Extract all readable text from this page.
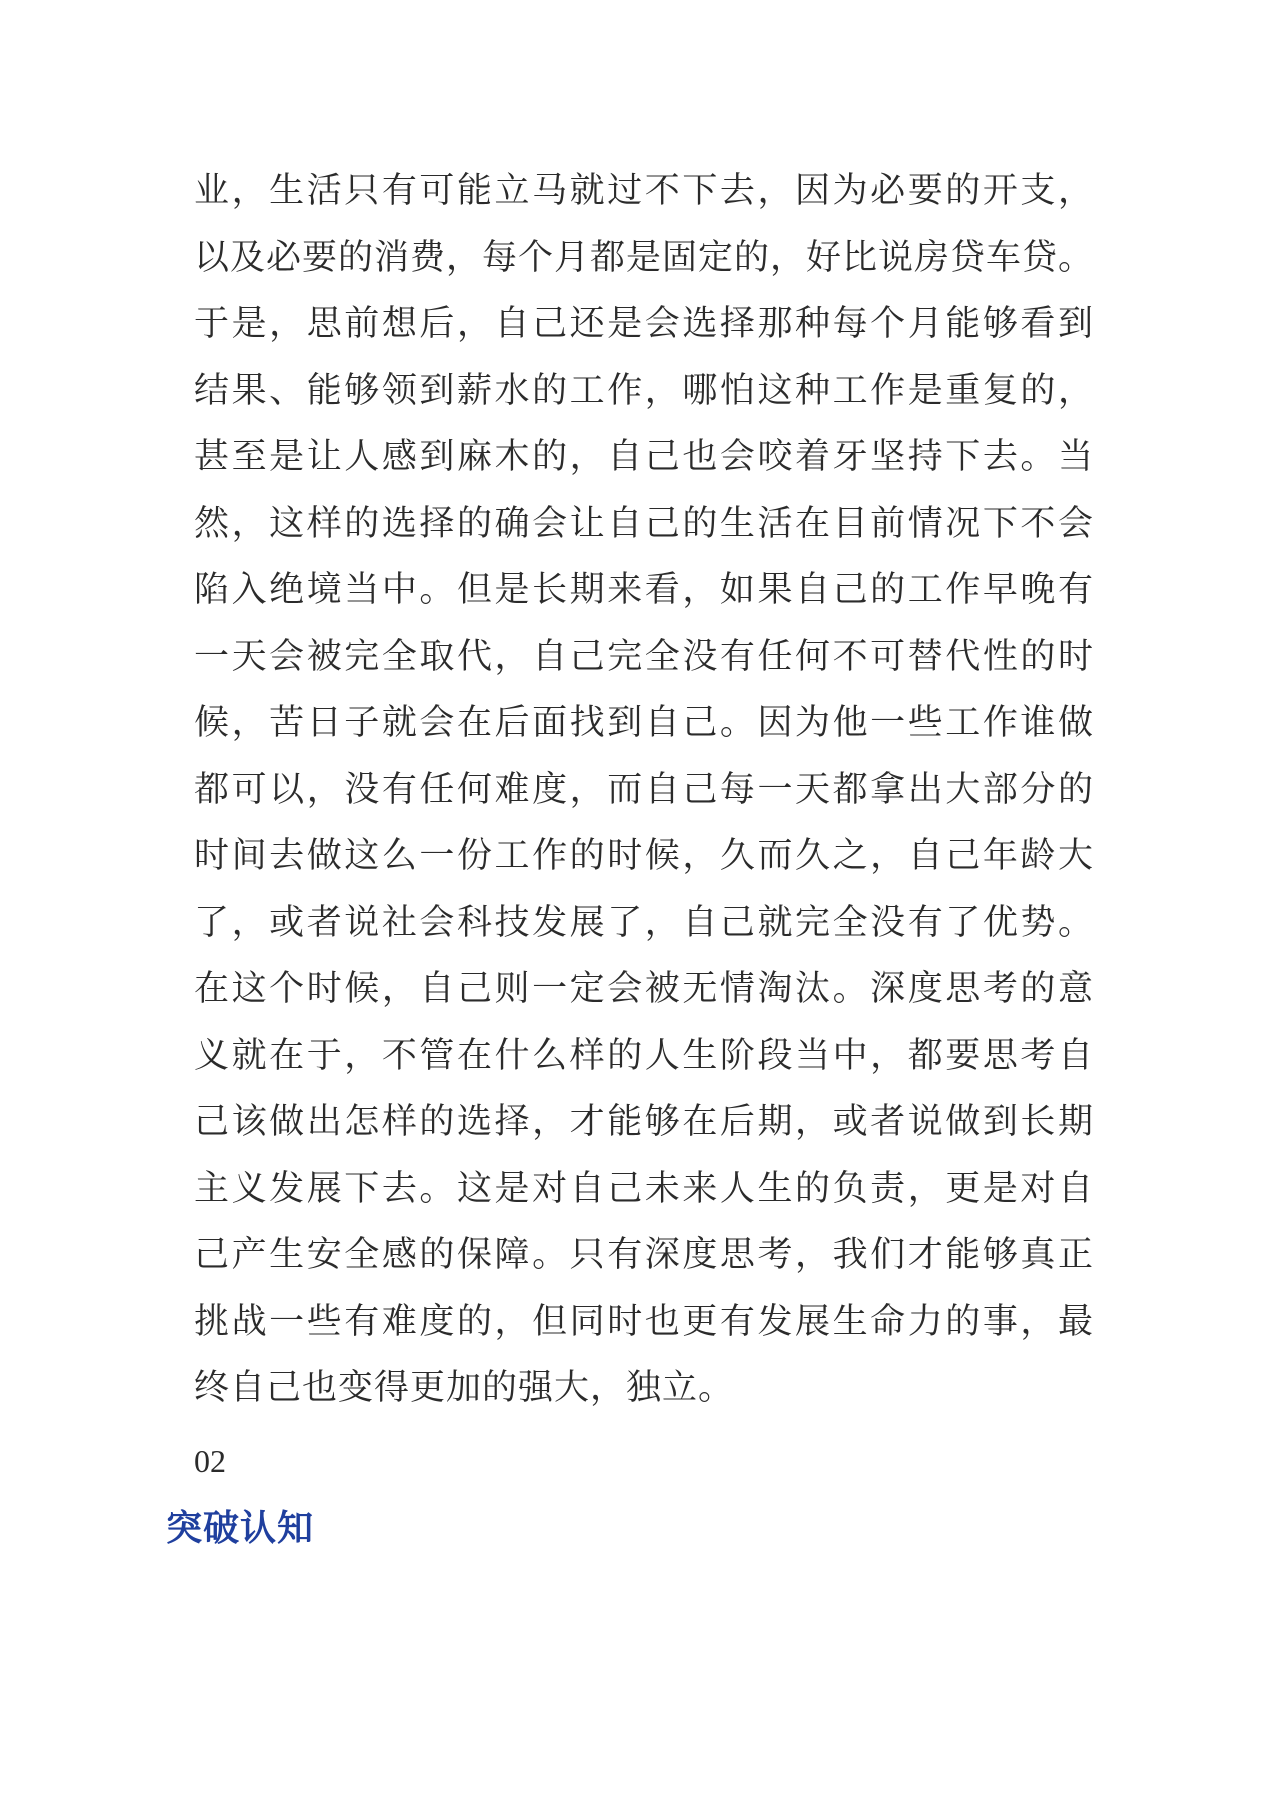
业，生活只有可能立马就过不下去，因为必要的开支，
以及必要的消费，每个月都是固定的，好比说房贷车贷。
于是，思前想后，自己还是会选择那种每个月能够看到
结果、能够领到薪水的工作，哪怕这种工作是重复的，
甚至是让人感到麻木的，自己也会咬着牙坚持下去。当
然，这样的选择的确会让自己的生活在目前情况下不会
陷入绝境当中。但是长期来看，如果自己的工作早晚有
一天会被完全取代，自己完全没有任何不可替代性的时
候，苦日子就会在后面找到自己。因为他一些工作谁做
都可以，没有任何难度，而自己每一天都拿出大部分的
时间去做这么一份工作的时候，久而久之，自己年龄大
了，或者说社会科技发展了，自己就完全没有了优势。
在这个时候，自己则一定会被无情淘汰。深度思考的意
义就在于，不管在什么样的人生阶段当中，都要思考自
己该做出怎样的选择，才能够在后期，或者说做到长期
主义发展下去。这是对自己未来人生的负责，更是对自
己产生安全感的保障。只有深度思考，我们才能够真正
挑战一些有难度的，但同时也更有发展生命力的事，最
终自己也变得更加的强大，独立。

02

突破认知
